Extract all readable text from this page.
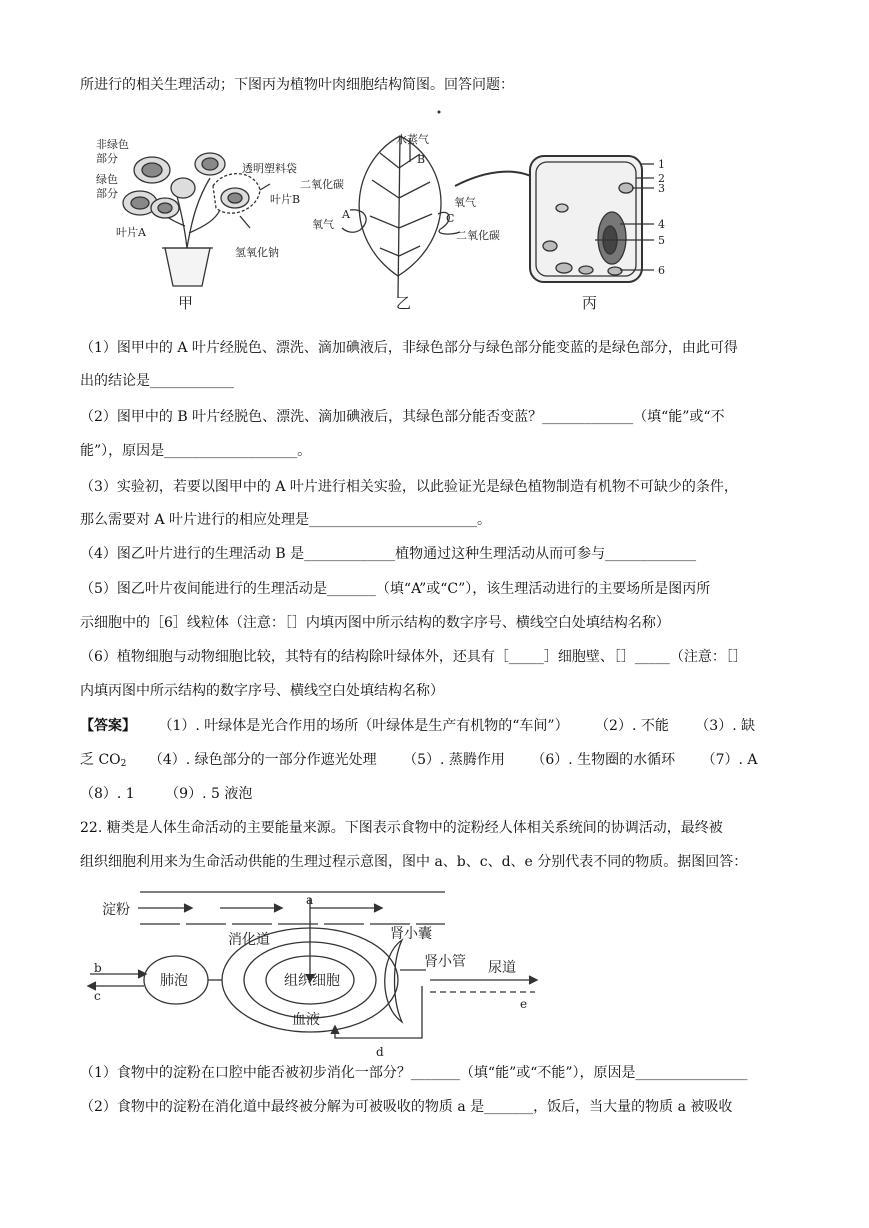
所进行的相关生理活动；下图丙为植物叶肉细胞结构简图。回答问题：
非绿色
部分
绿色
部分
叶片A
透明塑料袋
叶片B
氢氧化钠
甲
水蒸气
B
二氧化碳
A
氧气
氧气
C
二氧化碳
乙
1
2
3
4
5
6
丙
（1）图甲中的 A 叶片经脱色、漂洗、滴加碘液后，非绿色部分与绿色部分能变蓝的是绿色部分，由此可得
出的结论是____________
（2）图甲中的 B 叶片经脱色、漂洗、滴加碘液后，其绿色部分能否变蓝？_____________（填“能”或“不
能”），原因是___________________。
（3）实验初，若要以图甲中的 A 叶片进行相关实验，以此验证光是绿色植物制造有机物不可缺少的条件，
那么需要对 A 叶片进行的相应处理是________________________。
（4）图乙叶片进行的生理活动 B 是_____________植物通过这种生理活动从而可参与_____________
（5）图乙叶片夜间能进行的生理活动是_______（填“A”或“C”），该生理活动进行的主要场所是图丙所
示细胞中的［6］线粒体（注意：［］内填丙图中所示结构的数字序号、横线空白处填结构名称）
（6）植物细胞与动物细胞比较，其特有的结构除叶绿体外，还具有［_____］细胞壁、［］_____（注意：［］
内填丙图中所示结构的数字序号、横线空白处填结构名称）
【答案】 （1）. 叶绿体是光合作用的场所（叶绿体是生产有机物的“车间”） （2）. 不能 （3）. 缺
乏 $CO_2$ （4）. 绿色部分的一部分作遮光处理 （5）. 蒸腾作用 （6）. 生物圈的水循环 （7）. A
（8）. 1 （9）. 5 液泡
22. 糖类是人体生命活动的主要能量来源。下图表示食物中的淀粉经人体相关系统间的协调活动，最终被
组织细胞利用来为生命活动供能的生理过程示意图，图中 a、b、c、d、e 分别代表不同的物质。据图回答：
淀粉
a
消化道	肾小囊
b
c
肺泡	组织细胞
肾小管 尿道
e
血液
d
（1）食物中的淀粉在口腔中能否被初步消化一部分？_______（填“能”或“不能”），原因是________________
（2）食物中的淀粉在消化道中最终被分解为可被吸收的物质 a 是_______，饭后，当大量的物质 a 被吸收
